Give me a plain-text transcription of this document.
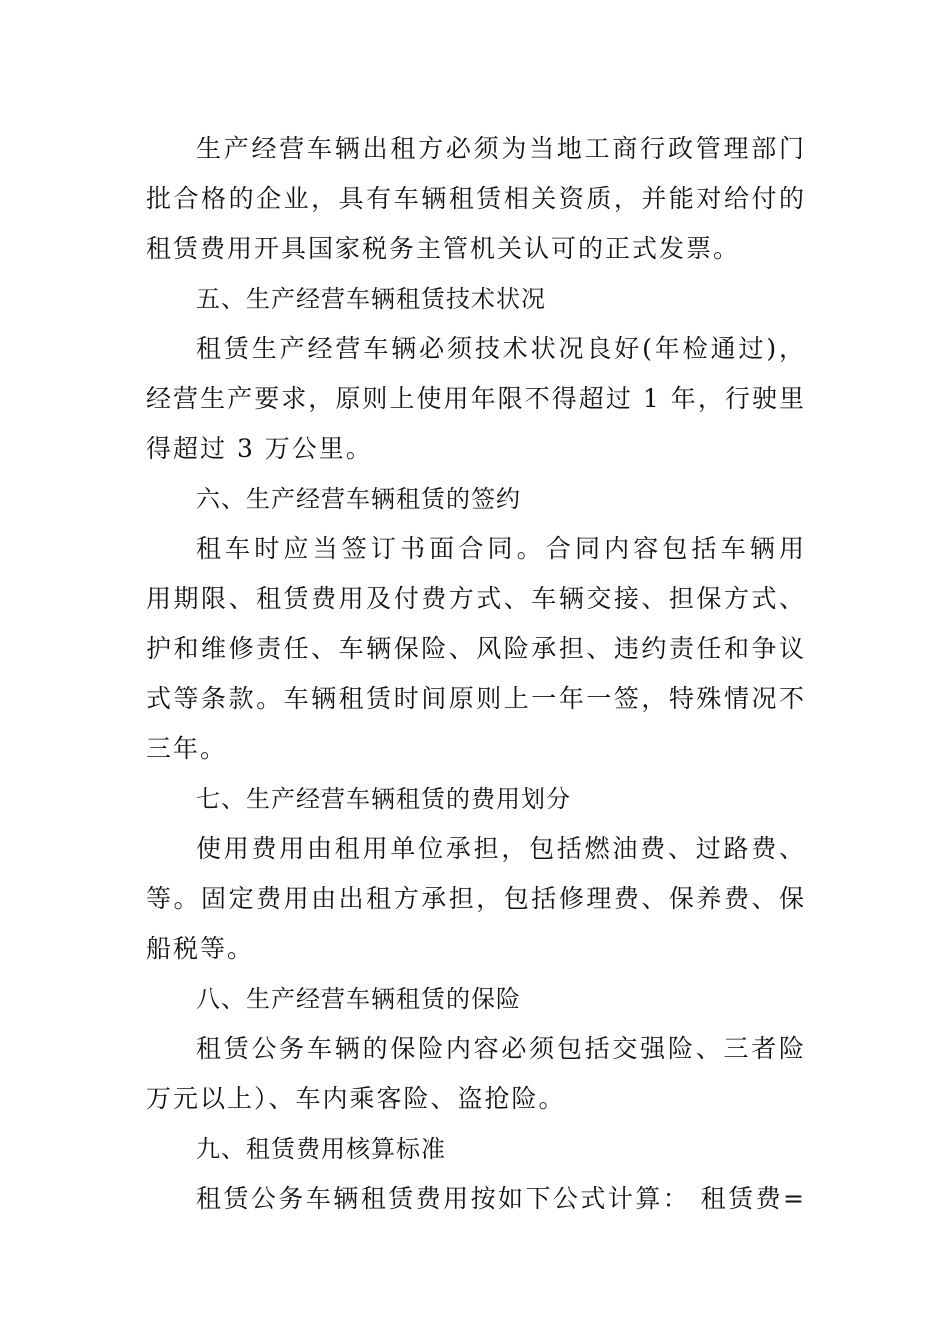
生产经营车辆出租方必须为当地工商行政管理部门
批合格的企业，具有车辆租赁相关资质，并能对给付的
租赁费用开具国家税务主管机关认可的正式发票。
五、生产经营车辆租赁技术状况
租赁生产经营车辆必须技术状况良好(年检通过)，
经营生产要求，原则上使用年限不得超过 1 年，行驶里
得超过 3 万公里。
六、生产经营车辆租赁的签约
租车时应当签订书面合同。合同内容包括车辆用
用期限、租赁费用及付费方式、车辆交接、担保方式、
护和维修责任、车辆保险、风险承担、违约责任和争议
式等条款。车辆租赁时间原则上一年一签，特殊情况不
三年。
七、生产经营车辆租赁的费用划分
使用费用由租用单位承担，包括燃油费、过路费、
等。固定费用由出租方承担，包括修理费、保养费、保
船税等。
八、生产经营车辆租赁的保险
租赁公务车辆的保险内容必须包括交强险、三者险
万元以上）、车内乘客险、盗抢险。
九、租赁费用核算标准
租赁公务车辆租赁费用按如下公式计算： 租赁费=
